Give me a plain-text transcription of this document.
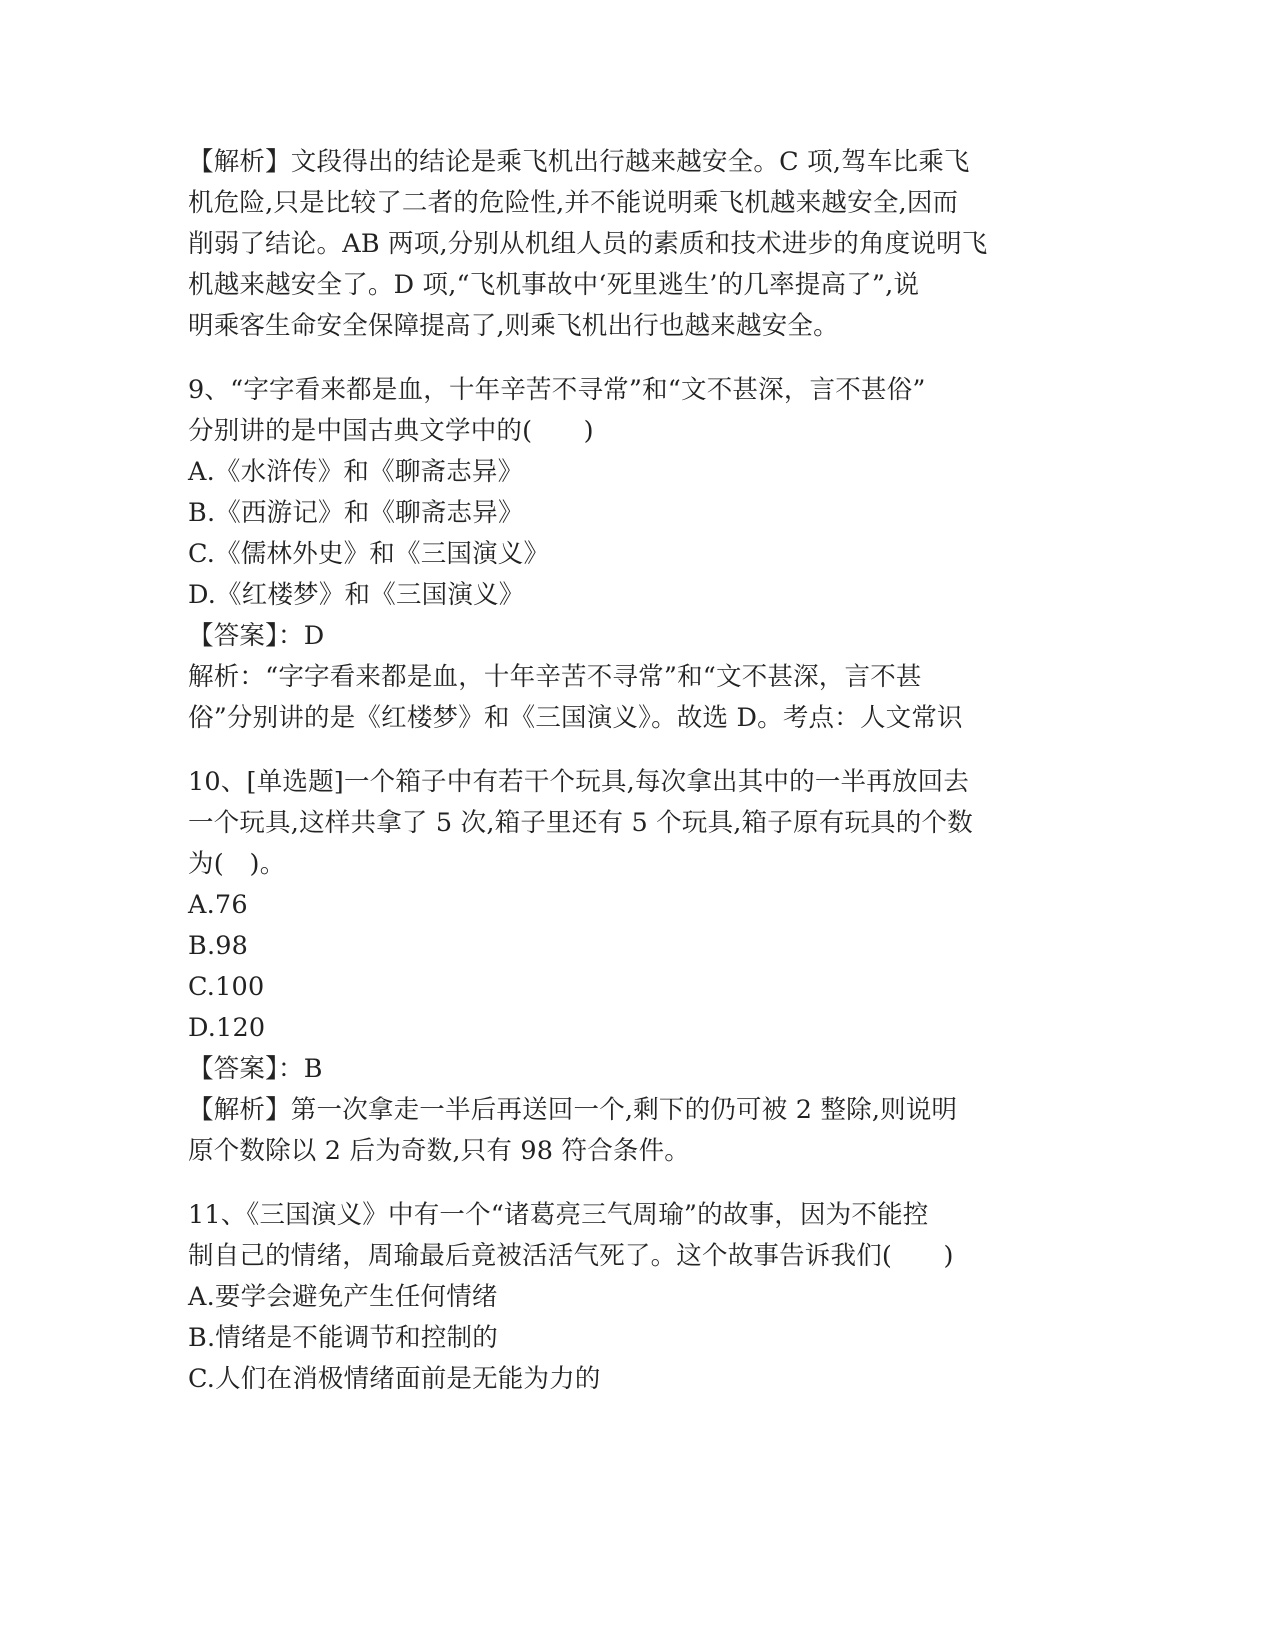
【解析】文段得出的结论是乘飞机出行越来越安全。C 项,驾车比乘飞
机危险,只是比较了二者的危险性,并不能说明乘飞机越来越安全,因而
削弱了结论。AB 两项,分别从机组人员的素质和技术进步的角度说明飞
机越来越安全了。D 项,“飞机事故中‘死里逃生’的几率提高了”,说
明乘客生命安全保障提高了,则乘飞机出行也越来越安全。
9、“字字看来都是血，十年辛苦不寻常”和“文不甚深，言不甚俗”
分别讲的是中国古典文学中的(　　)
A.《水浒传》和《聊斋志异》
B.《西游记》和《聊斋志异》
C.《儒林外史》和《三国演义》
D.《红楼梦》和《三国演义》
【答案】：D
解析：“字字看来都是血，十年辛苦不寻常”和“文不甚深，言不甚
俗”分别讲的是《红楼梦》和《三国演义》。故选 D。考点：人文常识
10、[单选题]一个箱子中有若干个玩具,每次拿出其中的一半再放回去
一个玩具,这样共拿了 5 次,箱子里还有 5 个玩具,箱子原有玩具的个数
为(　)。
A.76
B.98
C.100
D.120
【答案】：B
【解析】第一次拿走一半后再送回一个,剩下的仍可被 2 整除,则说明
原个数除以 2 后为奇数,只有 98 符合条件。
11、《三国演义》中有一个“诸葛亮三气周瑜”的故事，因为不能控
制自己的情绪，周瑜最后竟被活活气死了。这个故事告诉我们(　　)
A.要学会避免产生任何情绪
B.情绪是不能调节和控制的
C.人们在消极情绪面前是无能为力的
